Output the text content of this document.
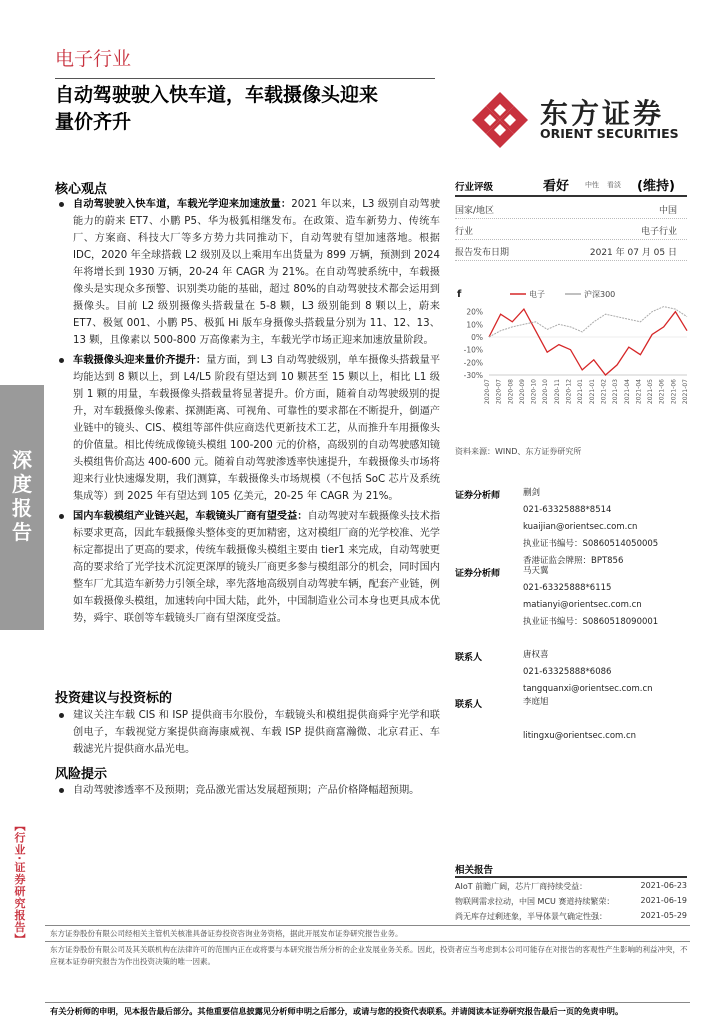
电子行业
自动驾驶驶入快车道，车载摄像头迎来
量价齐升	东方证券
ORIENT SECURITIES
深
度
报
告
【行业·证券研究报告】
核心观点
自动驾驶驶入快车道，车载光学迎来加速放量：2021 年以来，L3 级别自动驾驶能力的蔚来 ET7、小鹏 P5、华为极狐相继发布。在政策、造车新势力、传统车厂、方案商、科技大厂等多方势力共同推动下，自动驾驶有望加速落地。根据 IDC，2020 年全球搭载 L2 级别及以上乘用车出货量为 899 万辆，预测到 2024 年将增长到 1930 万辆，20-24 年 CAGR 为 21%。在自动驾驶系统中，车载摄像头是实现众多预警、识别类功能的基础，超过 80%的自动驾驶技术都会运用到摄像头。目前 L2 级别摄像头搭载量在 5-8 颗，L3 级别能到 8 颗以上，蔚来 ET7、极氪 001、小鹏 P5、极狐 Hi 版车身摄像头搭载量分别为 11、12、13、13 颗，且像素以 500-800 万高像素为主，车载光学市场正迎来加速放量阶段。
车载摄像头迎来量价齐提升：量方面，到 L3 自动驾驶级别，单车摄像头搭载量平均能达到 8 颗以上，到 L4/L5 阶段有望达到 10 颗甚至 15 颗以上，相比 L1 级别 1 颗的用量，车载摄像头搭载量将显著提升。价方面，随着自动驾驶级别的提升，对车载摄像头像素、探测距离、可视角、可靠性的要求都在不断提升，倒逼产业链中的镜头、CIS、模组等部件供应商迭代更新技术工艺，从而推升车用摄像头的价值量。相比传统成像镜头模组 100-200 元的价格，高级别的自动驾驶感知镜头模组售价高达 400-600 元。随着自动驾驶渗透率快速提升，车载摄像头市场将迎来行业快速爆发期，我们测算，车载摄像头市场规模（不包括 SoC 芯片及系统集成等）到 2025 年有望达到 105 亿美元，20-25 年 CAGR 为 21%。
国内车载模组产业链兴起，车载镜头厂商有望受益：自动驾驶对车载摄像头技术指标要求更高，因此车载摄像头整体变的更加精密，这对模组厂商的光学校准、光学标定都提出了更高的要求，传统车载摄像头模组主要由 tier1 来完成，自动驾驶更高的要求给了光学技术沉淀更深厚的镜头厂商更多参与模组部分的机会，同时国内整车厂尤其造车新势力引领全球，率先落地高级别自动驾驶车辆，配套产业链，例如车载摄像头模组，加速转向中国大陆，此外，中国制造业公司本身也更具成本优势，舜宇、联创等车载镜头厂商有望深度受益。
投资建议与投资标的
建议关注车载 CIS 和 ISP 提供商韦尔股份，车载镜头和模组提供商舜宇光学和联创电子，车载视觉方案提供商海康威视、车载 ISP 提供商富瀚微、北京君正、车载滤光片提供商水晶光电。
风险提示
自动驾驶渗透率不及预期；竞品激光雷达发展超预期；产品价格降幅超预期。
行业评级	看好 中性 看淡 (维持)
国家/地区	中国
行业	电子行业
报告发布日期	2021 年 07 月 05 日
f
20%
10%
0%
-10%
-20%
-30%
电子	沪深300
2020-07 2020-07 2020-08 2020-09 2020-10 2020-10 2020-11 2020-12 2021-01 2021-01 2021-02 2021-03 2021-04 2021-04 2021-05 2021-06 2021-06 2021-07
资料来源：WIND、东方证券研究所
证券分析师	蒯剑
021-63325888*8514
kuaijian@orientsec.com.cn
执业证书编号：S0860514050005
香港证监会牌照：BPT856
证券分析师	马天翼
021-63325888*6115
matianyi@orientsec.com.cn
执业证书编号：S0860518090001
联系人	唐权喜
021-63325888*6086
tangquanxi@orientsec.com.cn
联系人	李庭旭
litingxu@orientsec.com.cn
相关报告
AIoT 前瞻广阔，芯片厂商持续受益：	2021-06-23
物联网需求拉动，中国 MCU 赛道持续繁荣：	2021-06-19
尚无库存过剩迹象，半导体景气确定性强：	2021-05-29
东方证券股份有限公司经相关主管机关核准具备证券投资咨询业务资格，据此开展发布证券研究报告业务。
东方证券股份有限公司及其关联机构在法律许可的范围内正在或将要与本研究报告所分析的企业发展业务关系。因此，投资者应当考虑到本公司可能存在对报告的客观性产生影响的利益冲突，不应视本证券研究报告为作出投资决策的唯一因素。
有关分析师的申明，见本报告最后部分。其他重要信息披露见分析师申明之后部分，或请与您的投资代表联系。并请阅读本证券研究报告最后一页的免责申明。
